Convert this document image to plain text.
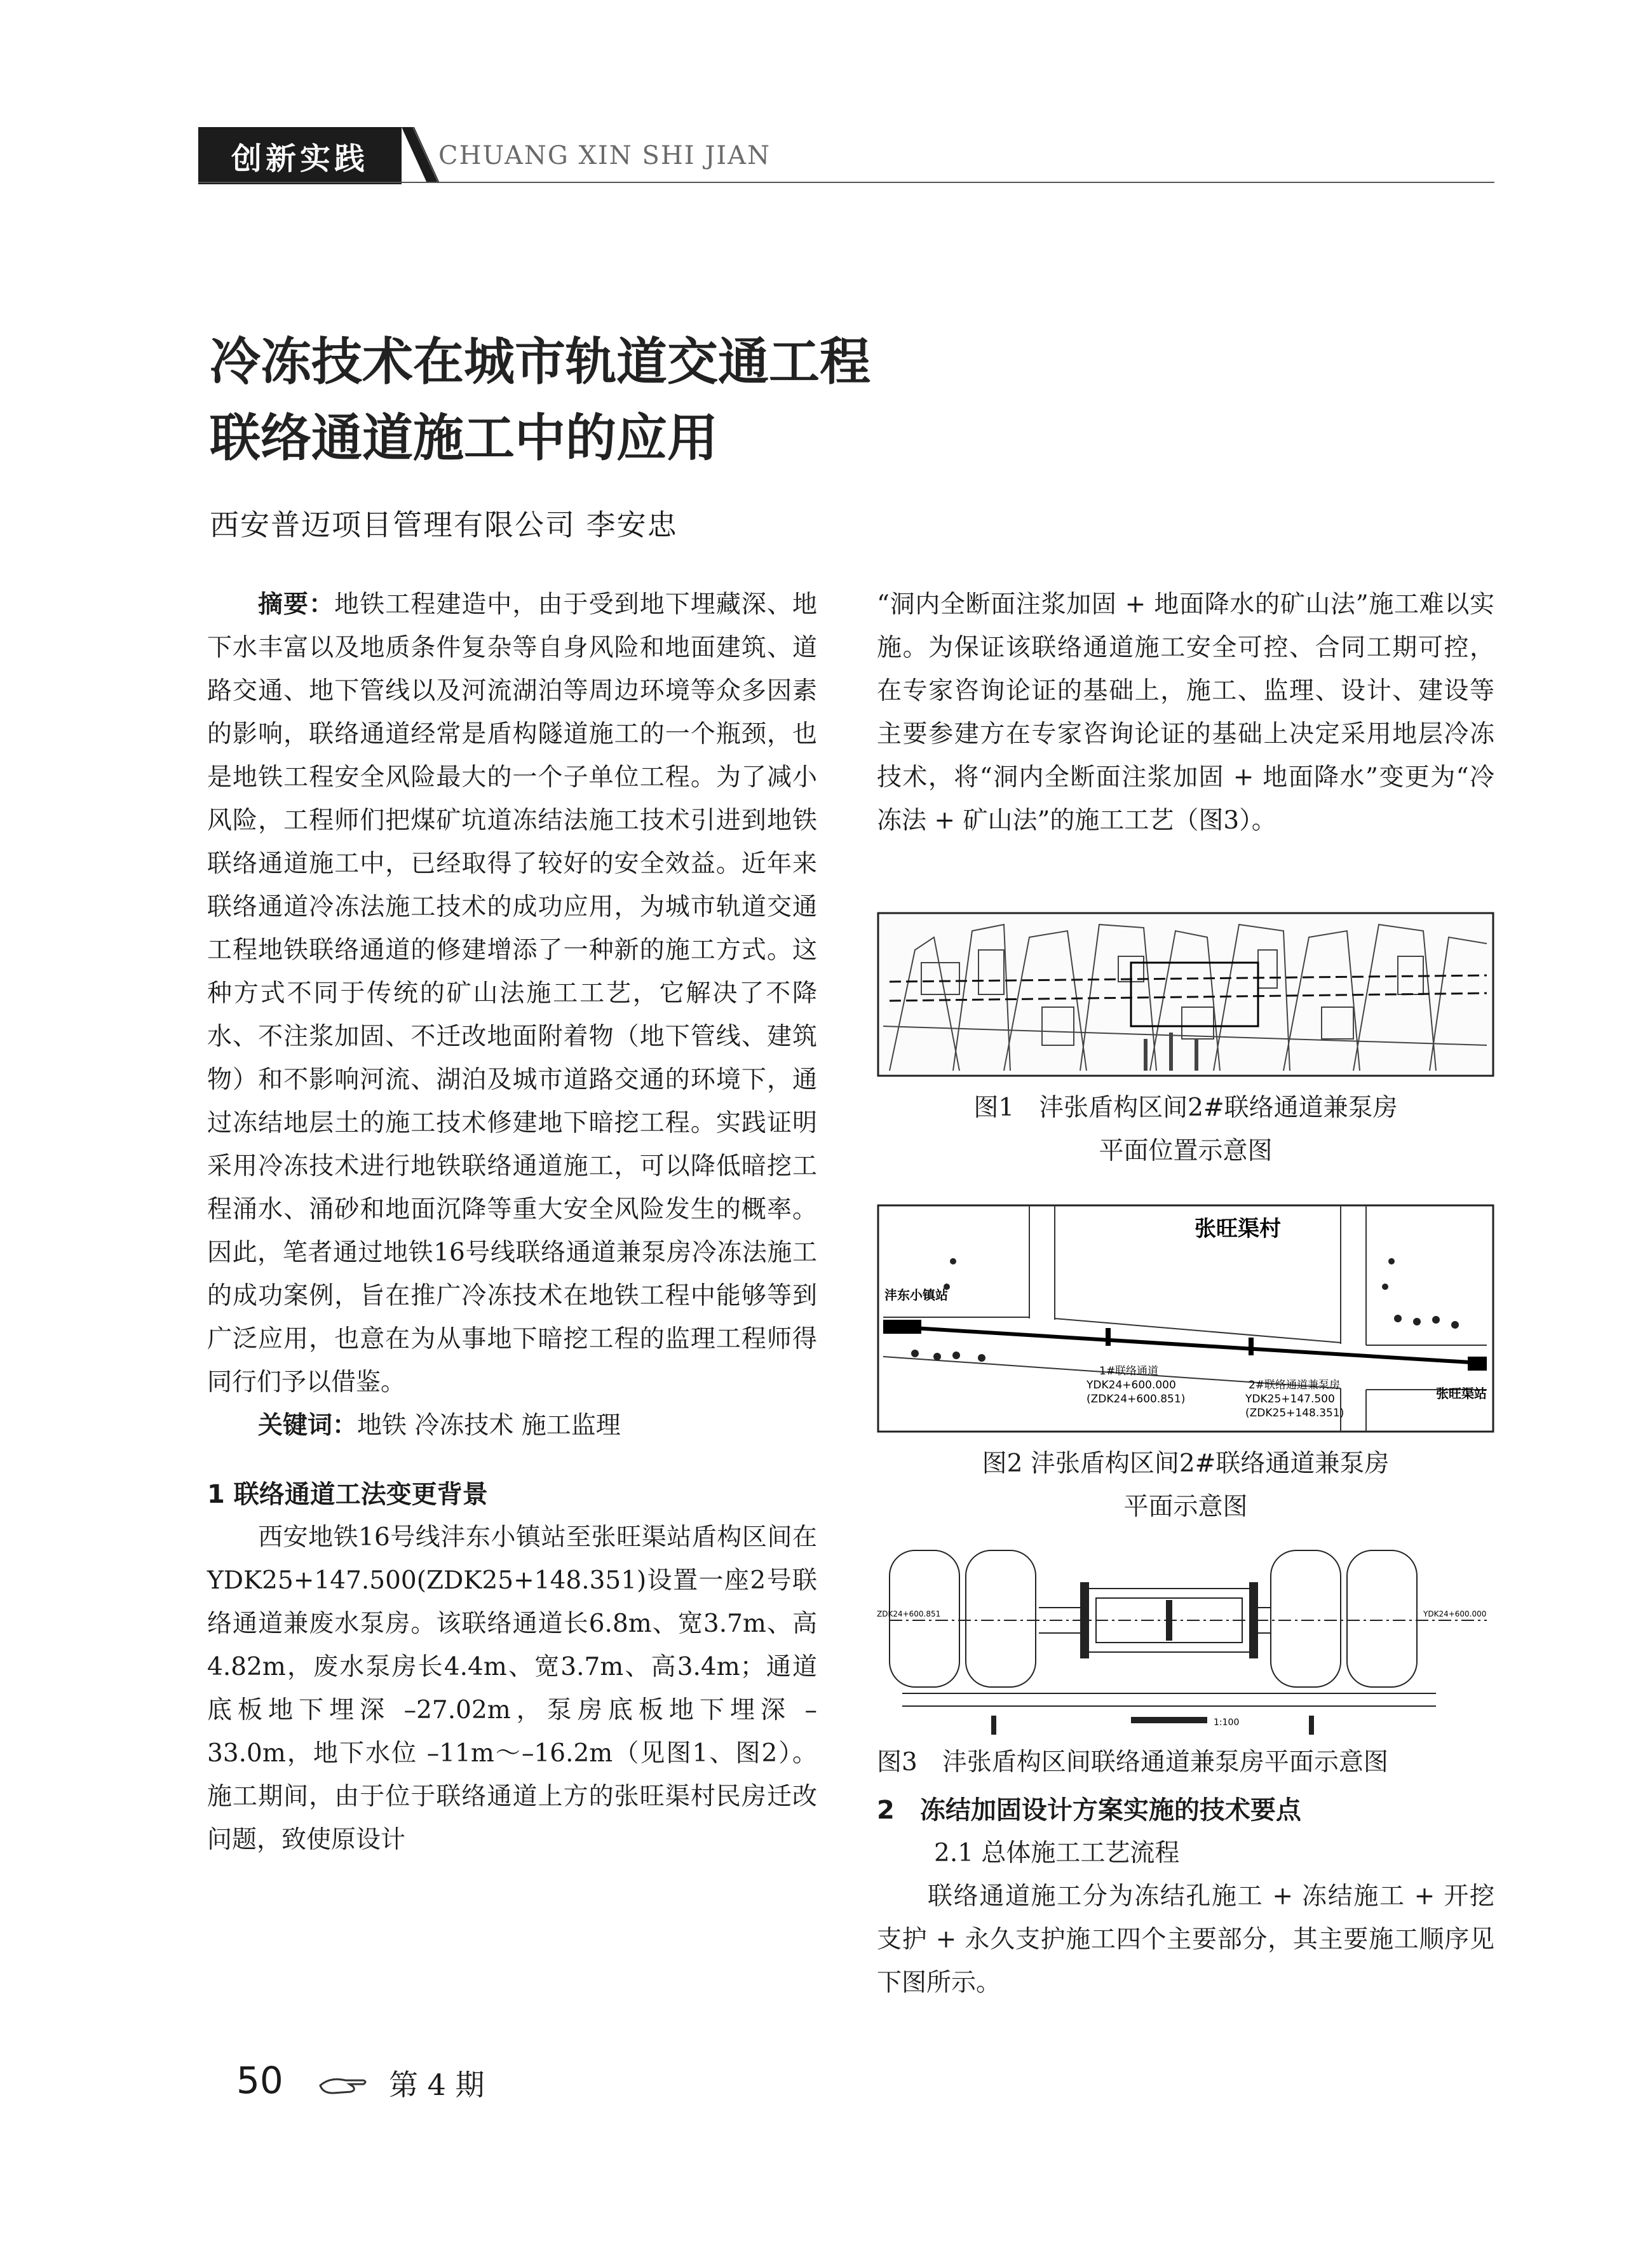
创新实践	CHUANG XIN SHI JIAN
冷冻技术在城市轨道交通工程
联络通道施工中的应用
西安普迈项目管理有限公司 李安忠

摘要：地铁工程建造中，由于受到地下埋藏深、地下水丰富以及地质条件复杂等自身风险和地面建筑、道路交通、地下管线以及河流湖泊等周边环境等众多因素的影响，联络通道经常是盾构隧道施工的一个瓶颈，也是地铁工程安全风险最大的一个子单位工程。为了减小风险，工程师们把煤矿坑道冻结法施工技术引进到地铁联络通道施工中，已经取得了较好的安全效益。近年来联络通道冷冻法施工技术的成功应用，为城市轨道交通工程地铁联络通道的修建增添了一种新的施工方式。这种方式不同于传统的矿山法施工工艺，它解决了不降水、不注浆加固、不迁改地面附着物（地下管线、建筑物）和不影响河流、湖泊及城市道路交通的环境下，通过冻结地层土的施工技术修建地下暗挖工程。实践证明采用冷冻技术进行地铁联络通道施工，可以降低暗挖工程涌水、涌砂和地面沉降等重大安全风险发生的概率。因此，笔者通过地铁16号线联络通道兼泵房冷冻法施工的成功案例，旨在推广冷冻技术在地铁工程中能够等到广泛应用，也意在为从事地下暗挖工程的监理工程师得同行们予以借鉴。

关键词：地铁 冷冻技术 施工监理

1 联络通道工法变更背景

西安地铁16号线沣东小镇站至张旺渠站盾构区间在YDK25+147.500(ZDK25+148.351)设置一座2号联络通道兼废水泵房。该联络通道长6.8m、宽3.7m、高4.82m，废水泵房长4.4m、宽3.7m、高3.4m；通道底板地下埋深 –27.02m，泵房底板地下埋深 –33.0m，地下水位 –11m～–16.2m（见图1、图2）。施工期间，由于位于联络通道上方的张旺渠村民房迁改问题，致使原设计

“洞内全断面注浆加固 + 地面降水的矿山法”施工难以实施。为保证该联络通道施工安全可控、合同工期可控，在专家咨询论证的基础上，施工、监理、设计、建设等主要参建方在专家咨询论证的基础上决定采用地层冷冻技术，将“洞内全断面注浆加固 + 地面降水”变更为“冷冻法 + 矿山法”的施工工艺（图3）。

图1　沣张盾构区间2#联络通道兼泵房
平面位置示意图
张旺渠村
沣东小镇站
张旺渠站
1#联络通道
YDK24+600.000
(ZDK24+600.851)
2#联络通道兼泵房
YDK25+147.500
(ZDK25+148.351)
图2 沣张盾构区间2#联络通道兼泵房
平面示意图
ZDK24+600.851	YDK24+600.000
1:100
图3　沣张盾构区间联络通道兼泵房平面示意图

2　冻结加固设计方案实施的技术要点

2.1 总体施工工艺流程

联络通道施工分为冻结孔施工 + 冻结施工 + 开挖支护 + 永久支护施工四个主要部分，其主要施工顺序见下图所示。

50	第 4 期
